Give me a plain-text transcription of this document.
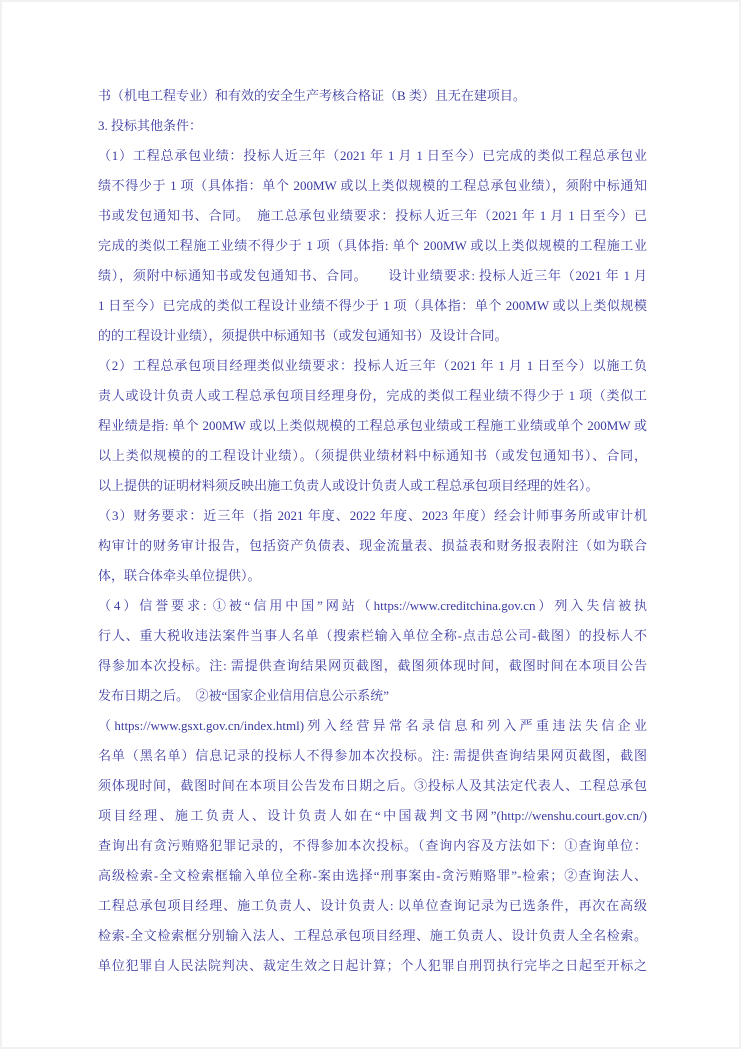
书（机电工程专业）和有效的安全生产考核合格证（B 类）且无在建项目。
3. 投标其他条件：
（1）工程总承包业绩：投标人近三年（2021 年 1 月 1 日至今）已完成的类似工程总承包业
绩不得少于 1 项（具体指：单个 200MW 或以上类似规模的工程总承包业绩），须附中标通知
书或发包通知书、合同。　施工总承包业绩要求：投标人近三年（2021 年 1 月 1 日至今）已
完成的类似工程施工业绩不得少于 1 项（具体指: 单个 200MW 或以上类似规模的工程施工业
绩），须附中标通知书或发包通知书、合同。　　设计业绩要求: 投标人近三年（2021 年 1 月
1 日至今）已完成的类似工程设计业绩不得少于 1 项（具体指：单个 200MW 或以上类似规模
的的工程设计业绩），须提供中标通知书（或发包通知书）及设计合同。
（2）工程总承包项目经理类似业绩要求：投标人近三年（2021 年 1 月 1 日至今）以施工负
责人或设计负责人或工程总承包项目经理身份，完成的类似工程业绩不得少于 1 项（类似工
程业绩是指: 单个 200MW 或以上类似规模的工程总承包业绩或工程施工业绩或单个 200MW 或
以上类似规模的的工程设计业绩）。（须提供业绩材料中标通知书（或发包通知书）、合同，
以上提供的证明材料须反映出施工负责人或设计负责人或工程总承包项目经理的姓名）。
（3）财务要求：近三年（指 2021 年度、2022 年度、2023 年度）经会计师事务所或审计机
构审计的财务审计报告，包括资产负债表、现金流量表、损益表和财务报表附注（如为联合
体，联合体牵头单位提供）。
（4）信誉要求: ①被“信用中国”网站（https://www.creditchina.gov.cn）列入失信被执
行人、重大税收违法案件当事人名单（搜索栏输入单位全称-点击总公司-截图）的投标人不
得参加本次投标。注: 需提供查询结果网页截图，截图须体现时间，截图时间在本项目公告
发布日期之后。　②被“国家企业信用信息公示系统”
（https://www.gsxt.gov.cn/index.html)列入经营异常名录信息和列入严重违法失信企业
名单（黑名单）信息记录的投标人不得参加本次投标。注: 需提供查询结果网页截图，截图
须体现时间，截图时间在本项目公告发布日期之后。③投标人及其法定代表人、工程总承包
项目经理、施工负责人、设计负责人如在“中国裁判文书网”(http://wenshu.court.gov.cn/)
查询出有贪污贿赂犯罪记录的，不得参加本次投标。（查询内容及方法如下：①查询单位：
高级检索-全文检索框输入单位全称-案由选择“刑事案由-贪污贿赂罪”-检索；②查询法人、
工程总承包项目经理、施工负责人、设计负责人: 以单位查询记录为已选条件，再次在高级
检索-全文检索框分别输入法人、工程总承包项目经理、施工负责人、设计负责人全名检索。
单位犯罪自人民法院判决、裁定生效之日起计算；个人犯罪自刑罚执行完毕之日起至开标之
